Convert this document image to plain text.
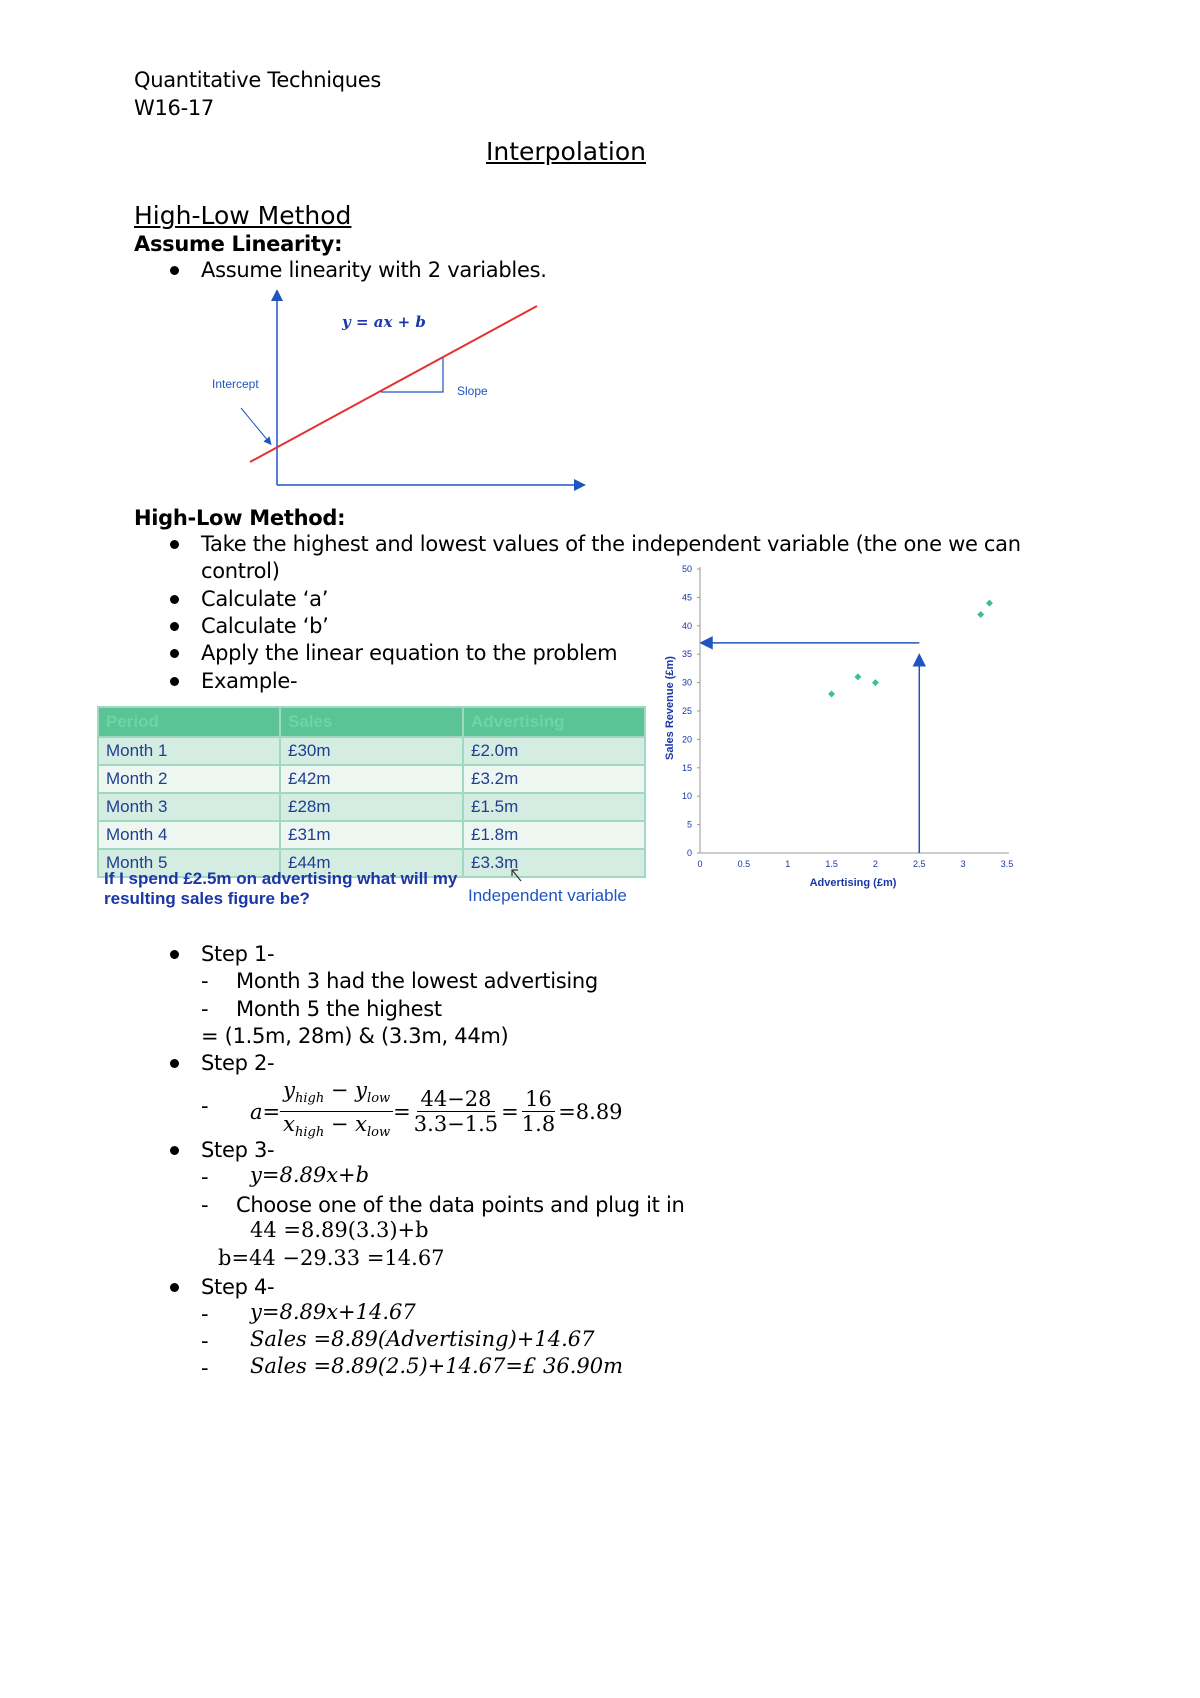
Quantitative Techniques
W16-17
Interpolation
High-Low Method
Assume Linearity:
Assume linearity with 2 variables.
y = ax + b
Intercept	Slope
High-Low Method:
Take the highest and lowest values of the independent variable (the one we can
control)
Calculate ‘a’
Calculate ‘b’
Apply the linear equation to the problem
Example-
Period	Sales	Advertising
Month 1	£30m	£2.0m
Month 2	£42m	£3.2m
Month 3	£28m	£1.5m
Month 4	£31m	£1.8m
Month 5	£44m	£3.3m
If I spend £2.5m on advertising what will my
resulting sales figure be?	Independent variable
0
5
10
15
20
25
30
35
40
45
50
0	0.5	1	1.5	2	2.5	3	3.5
Advertising (£m)
Sales Revenue (£m)
Step 1-
- Month 3 had the lowest advertising
- Month 5 the highest
= (1.5m, 28m) & (3.3m, 44m)
Step 2-
- $a= \frac{y_{high} - y_{low}}{x_{high} - x_{low}} = \frac{44-28}{3.3-1.5} = \frac{16}{1.8} =8.89$
Step 3-
- y=8.89x+b
- Choose one of the data points and plug it in
44 =8.89(3.3)+b
b=44 −29.33 =14.67
Step 4-
- y=8.89x+14.67
- Sales =8.89(Advertising)+14.67
- Sales =8.89(2.5)+14.67=£ 36.90m
